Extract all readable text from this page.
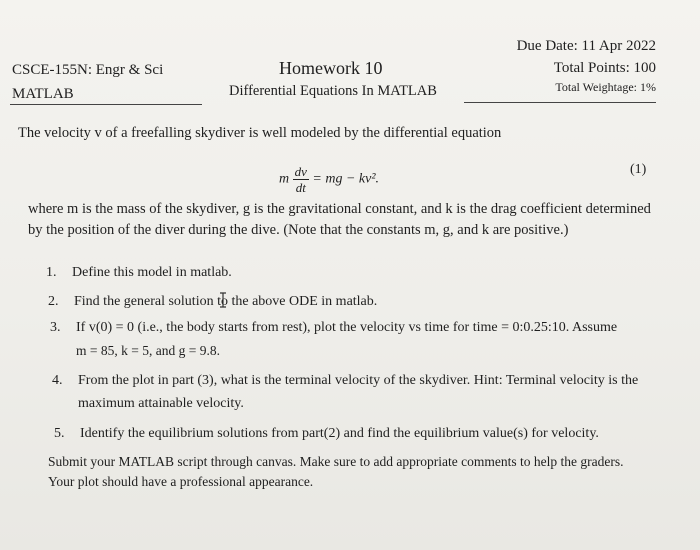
CSCE-155N: Engr & Sci
MATLAB
Homework 10
Differential Equations In MATLAB
Due Date: 11 Apr 2022
Total Points: 100
Total Weightage: 1%
The velocity v of a freefalling skydiver is well modeled by the differential equation
m $\frac{dv}{dt}$ = mg − kv².
(1)
where m is the mass of the skydiver, g is the gravitational constant, and k is the drag coefficient determined
by the position of the diver during the dive. (Note that the constants m, g, and k are positive.)
1. Define this model in matlab.
2. Find the general solution to the above ODE in matlab.
3. If v(0) = 0 (i.e., the body starts from rest), plot the velocity vs time for time = 0:0.25:10. Assume
m = 85, k = 5, and g = 9.8.
4. From the plot in part (3), what is the terminal velocity of the skydiver. Hint: Terminal velocity is the
maximum attainable velocity.
5. Identify the equilibrium solutions from part(2) and find the equilibrium value(s) for velocity.
Submit your MATLAB script through canvas. Make sure to add appropriate comments to help the graders.
Your plot should have a professional appearance.
